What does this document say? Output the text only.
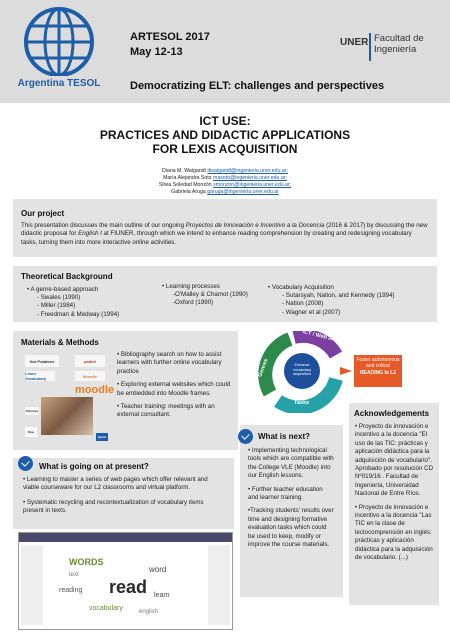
Argentina TESOL
ARTESOL 2017
May 12-13
UNER Facultad de
Ingeniería
Democratizing ELT: challenges and perspectives
ICT USE:
PRACTICES AND DIDACTIC APPLICATIONS
FOR LEXIS ACQUISITION
Diana M. Waigandt dwaigandt@ingenieria.uner.edu.ar;
María Alejandra Soto masoto@ingenieria.uner.edu.ar;
Silvia Soledad Monzón smonzon@ingenieria.uner.edu.ar;
Gabriela Aruga garuga@ingenieria.uner.edu.ar
Our project
This presentation discusses the main outline of our ongoing Proyectos de Innovación e Incentivo a la Docencia (2016 & 2017) by discussing the new didactic proposal for English I at FIUNER, through which we intend to enhance reading comprehension by creating and redesigning vocabulary tasks, turning them into more interactive online activities.
Theoretical Background
• A genre-based approach
- Swales (1990)
- Miller (1984)
- Freedman & Medway (1994)
• Learning processes
-O'Malley & Chamot (1990)
-Oxford (1990)
• Vocabulary Acquisition
- Sutarsyah, Nation, and Kennedy (1994)
- Nation (2008)
- Wagner et al (2007)
Materials & Methods
Hot Potatoes	padlet
Learn Vocabulary	Moodle
moodle
Slideshare
Quizlet
Diigo
• Bibliography search on how to assist learners with further online vocabulary practice
• Exploring external websites which could be embedded into Moodle frames.
• Teacher training: meetings with an external consultant.
ICT / Web 2.0
Genres
Tasks
Enhance vocabulary acquisition
Foster autonomous and critical
READING in L2
What is next?
• Implementing technological tools which are compatible with the College VLE (Moodle) into our English lessons.
• Further teacher education and learner training.
•Tracking students' results over time and designing formative evaluation tasks which could be used to keep, modify or improve the course materials.
Acknowledgements
• Proyecto de innovación e incentivo a la docencia "El uso de las TIC: prácticas y aplicación didáctica para la adquisición de vocabulario". Aprobado por resolución CD Nº019/16 . Facultad de Ingeniería, Universidad Nacional de Entre Ríos.
• Proyecto de innovación e incentivo a la docencia "Las TIC en la clase de lectocomprensión en inglés: prácticas y aplicación didáctica para la adquisición de vocabulario. (...)
What is going on at present?
• Learning to master a series of web pages which offer relevant and viable courseware for our L2 classrooms and virtual platform.
• Systematic recycling and recontextualization of vocabulary items present in texts.
read
WORDS
word
reading
vocabulary
learn
text
english
